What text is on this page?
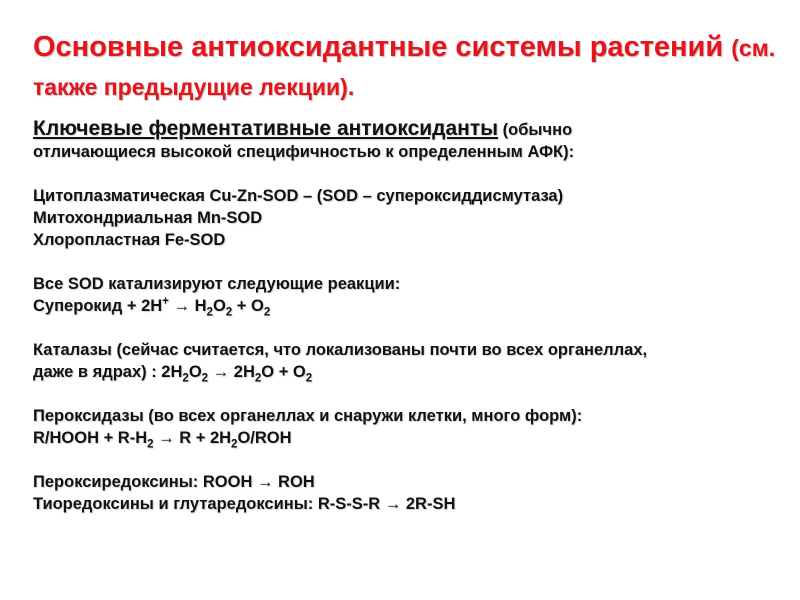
Основные антиоксидантные системы растений (см. также предыдущие лекции).
Ключевые ферментативные антиоксиданты (обычно
отличающиеся высокой специфичностью к определенным АФК):
Цитоплазматическая Cu-Zn-SOD – (SOD – супероксиддисмутаза)
Митохондриальная Mn-SOD
Хлоропластная Fe-SOD
Все SOD катализируют следующие реакции:
Суперокид + $2H^+ \to H_2O_2 + O_2$
Каталазы (сейчас считается, что локализованы почти во всех органеллах,
даже в ядрах) : $2H_2O_2 \to 2H_2O + O_2$
Пероксидазы (во всех органеллах и снаружи клетки, много форм):
R/HOOH + $R-H_2 \to R + 2H_2O/ROH$
Пероксиредоксины: ROOH → ROH
Тиоредоксины и глутаредоксины: R-S-S-R → 2R-SH
